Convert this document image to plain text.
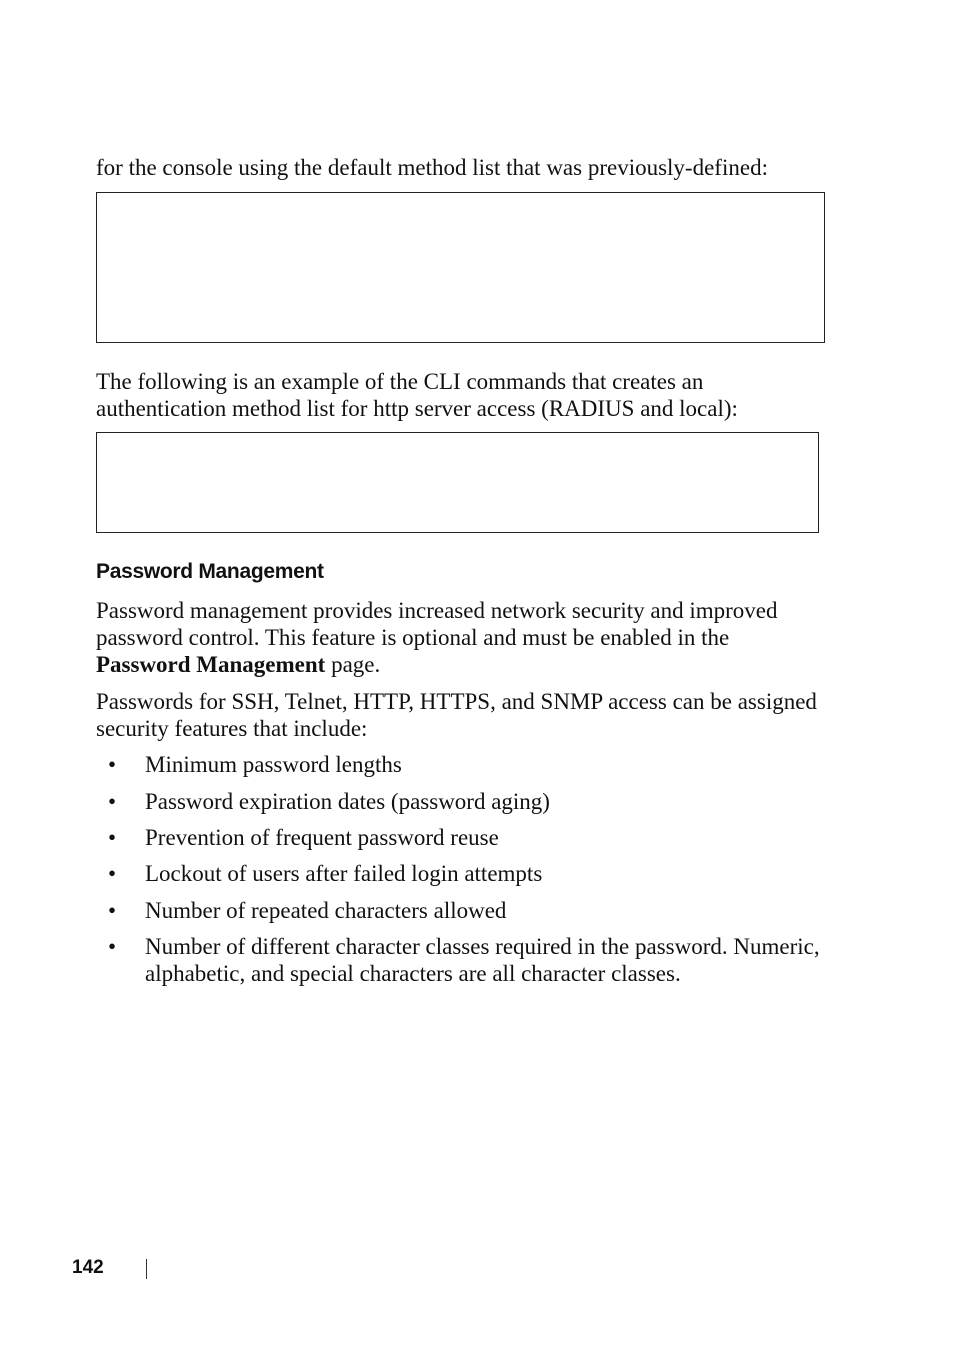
for the console using the default method list that was previously-defined:

The following is an example of the CLI commands that creates an

authentication method list for http server access (RADIUS and local):

Password Management

Password management provides increased network security and improved

password control. This feature is optional and must be enabled in the

Password Management page.

Passwords for SSH, Telnet, HTTP, HTTPS, and SNMP access can be assigned

security features that include:

• Minimum password lengths
• Password expiration dates (password aging)
• Prevention of frequent password reuse
• Lockout of users after failed login attempts
• Number of repeated characters allowed
• Number of different character classes required in the password. Numeric,
alphabetic, and special characters are all character classes.
142
